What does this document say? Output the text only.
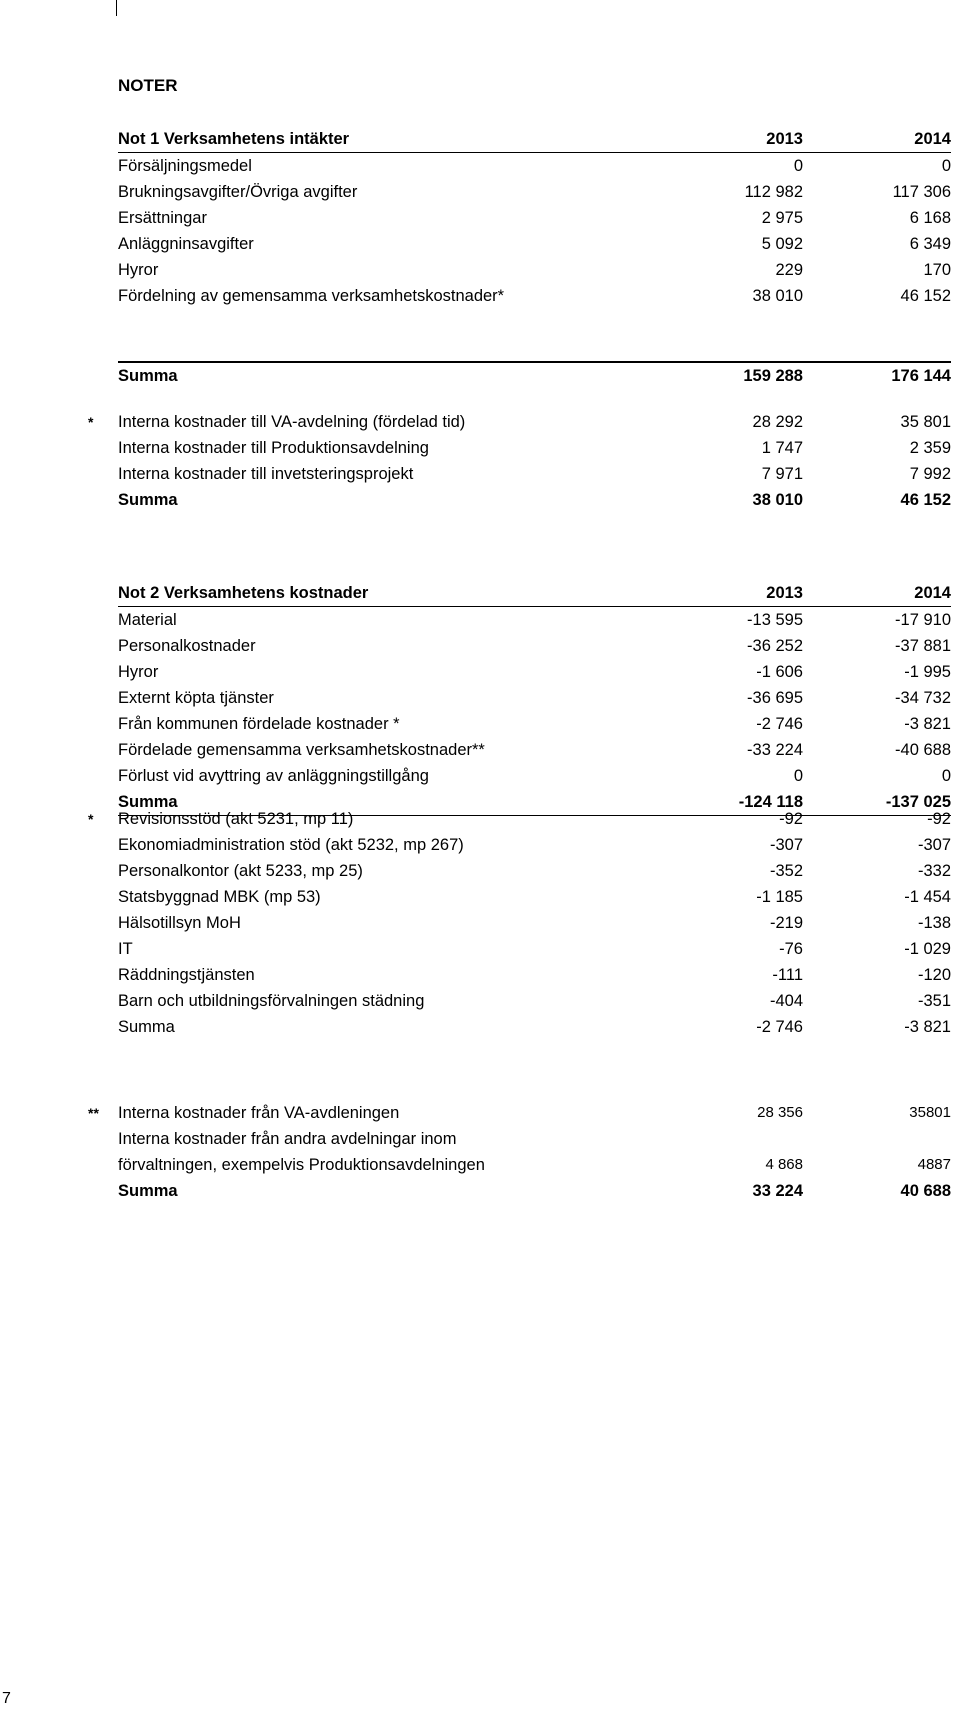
NOTER
Not 1 Verksamhetens intäkter	2013	2014
Försäljningsmedel	0	0
Brukningsavgifter/Övriga avgifter	112 982	117 306
Ersättningar	2 975	6 168
Anläggninsavgifter	5 092	6 349
Hyror	229	170
Fördelning av gemensamma verksamhetskostnader*	38 010	46 152
Summa	159 288	176 144
* Interna kostnader till VA-avdelning (fördelad tid)	28 292	35 801
Interna kostnader till Produktionsavdelning	1 747	2 359
Interna kostnader till invetsteringsprojekt	7 971	7 992
Summa	38 010	46 152
Not 2 Verksamhetens kostnader	2013	2014
Material	-13 595	-17 910
Personalkostnader	-36 252	-37 881
Hyror	-1 606	-1 995
Externt köpta tjänster	-36 695	-34 732
Från kommunen fördelade kostnader *	-2 746	-3 821
Fördelade gemensamma verksamhetskostnader**	-33 224	-40 688
Förlust vid avyttring av anläggningstillgång	0	0
Summa	-124 118	-137 025
* Revisionsstöd (akt 5231, mp 11)	-92	-92
Ekonomiadministration stöd (akt 5232, mp 267)	-307	-307
Personalkontor (akt 5233, mp 25)	-352	-332
Statsbyggnad MBK (mp 53)	-1 185	-1 454
Hälsotillsyn MoH	-219	-138
IT	-76	-1 029
Räddningstjänsten	-111	-120
Barn och utbildningsförvalningen städning	-404	-351
Summa	-2 746	-3 821
** Interna kostnader från VA-avdleningen	28 356	35801
Interna kostnader från andra avdelningar inom förvaltningen, exempelvis Produktionsavdelningen	4 868	4887
Summa	33 224	40 688
7
